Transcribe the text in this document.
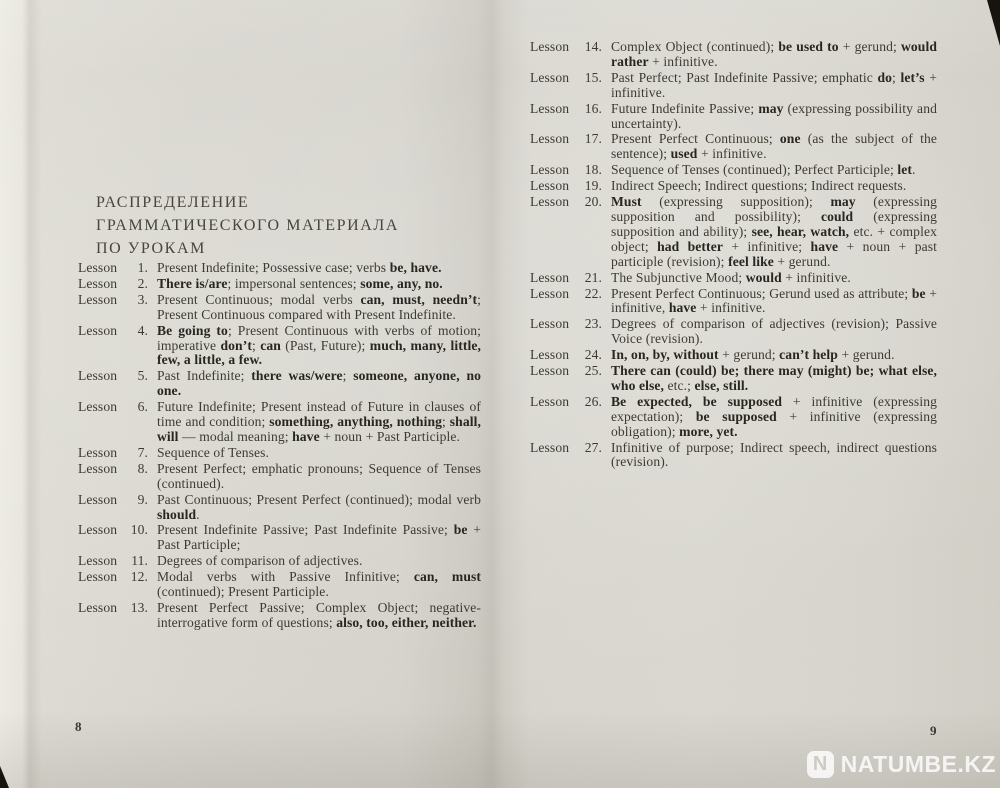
РАСПРЕДЕЛЕНИЕ
ГРАММАТИЧЕСКОГО МАТЕРИАЛА
ПО УРОКАМ
Lesson 1. Present Indefinite; Possessive case; verbs be, have.
Lesson 2. There is/are; impersonal sentences; some, any, no.
Lesson 3. Present Continuous; modal verbs can, must, needn’t; Present Continuous compared with Present Indefinite.
Lesson 4. Be going to; Present Continuous with verbs of motion; imperative don’t; can (Past, Future); much, many, little, few, a little, a few.
Lesson 5. Past Indefinite; there was/were; someone, anyone, no one.
Lesson 6. Future Indefinite; Present instead of Future in clauses of time and condition; something, anything, nothing; shall, will — modal meaning; have + noun + Past Participle.
Lesson 7. Sequence of Tenses.
Lesson 8. Present Perfect; emphatic pronouns; Sequence of Tenses (continued).
Lesson 9. Past Continuous; Present Perfect (continued); modal verb should.
Lesson 10. Present Indefinite Passive; Past Indefinite Passive; be + Past Participle;
Lesson 11. Degrees of comparison of adjectives.
Lesson 12. Modal verbs with Passive Infinitive; can, must (continued); Present Participle.
Lesson 13. Present Perfect Passive; Complex Object; negative-interrogative form of questions; also, too, either, neither.
8
Lesson 14. Complex Object (continued); be used to + gerund; would rather + infinitive.
Lesson 15. Past Perfect; Past Indefinite Passive; emphatic do; let’s + infinitive.
Lesson 16. Future Indefinite Passive; may (expressing possibility and uncertainty).
Lesson 17. Present Perfect Continuous; one (as the subject of the sentence); used + infinitive.
Lesson 18. Sequence of Tenses (continued); Perfect Participle; let.
Lesson 19. Indirect Speech; Indirect questions; Indirect requests.
Lesson 20. Must (expressing supposition); may (expressing supposition and possibility); could (expressing supposition and ability); see, hear, watch, etc. + complex object; had better + infinitive; have + noun + past participle (revision); feel like + gerund.
Lesson 21. The Subjunctive Mood; would + infinitive.
Lesson 22. Present Perfect Continuous; Gerund used as attribute; be + infinitive, have + infinitive.
Lesson 23. Degrees of comparison of adjectives (revision); Passive Voice (revision).
Lesson 24. In, on, by, without + gerund; can’t help + gerund.
Lesson 25. There can (could) be; there may (might) be; what else, who else, etc.; else, still.
Lesson 26. Be expected, be supposed + infinitive (expressing expectation); be supposed + infinitive (expressing obligation); more, yet.
Lesson 27. Infinitive of purpose; Indirect speech, indirect questions (revision).
9
N NATUMBE.KZ
